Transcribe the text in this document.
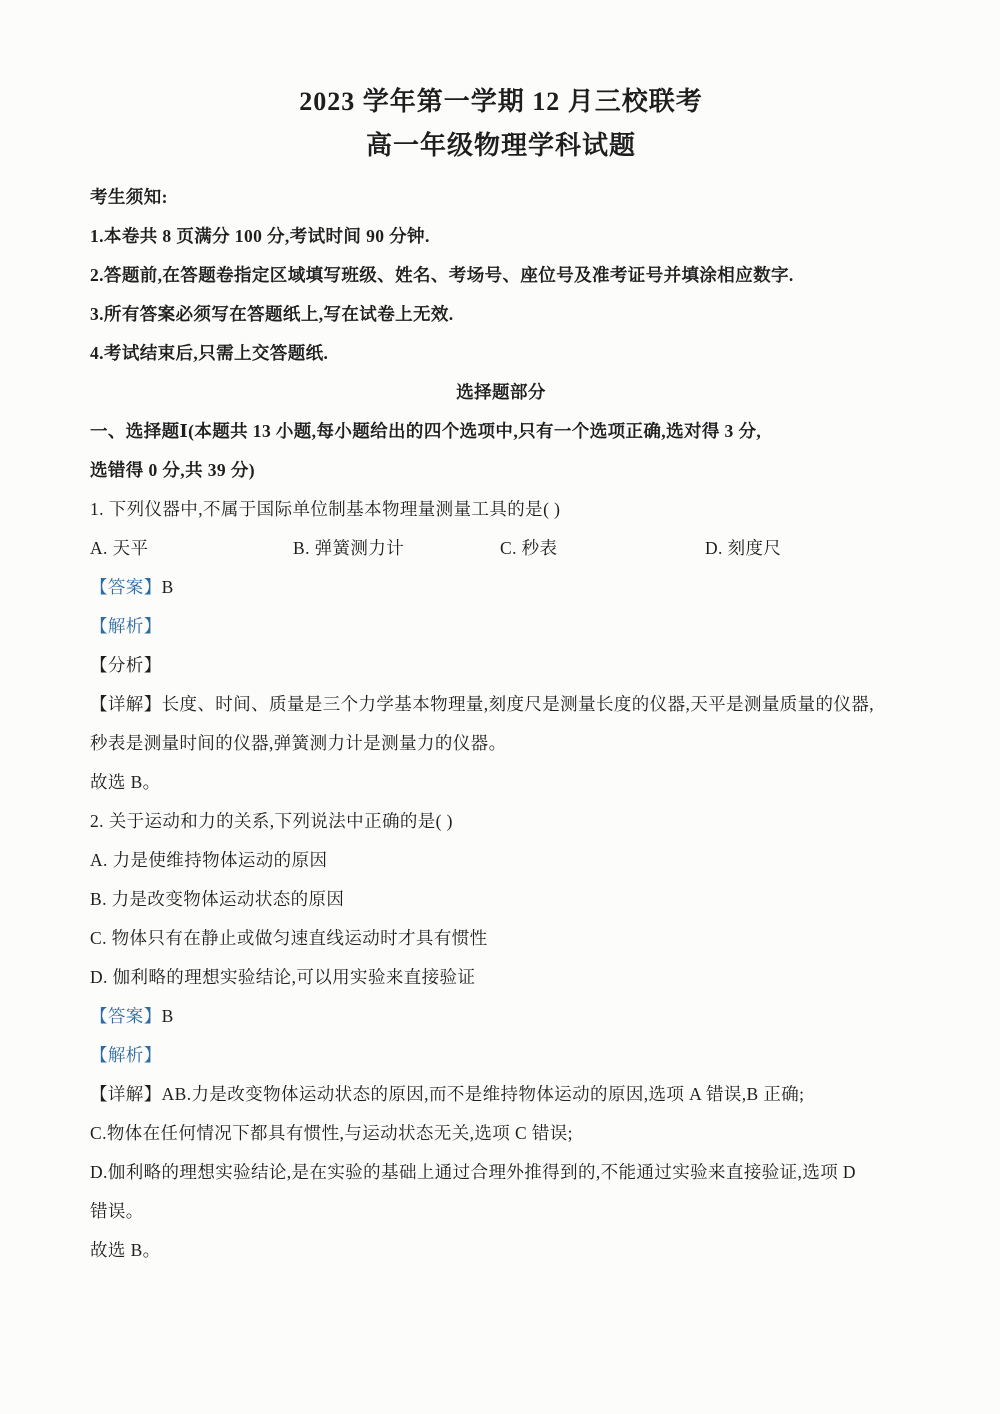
2023 学年第一学期 12 月三校联考
高一年级物理学科试题

考生须知:

1.本卷共 8 页满分 100 分,考试时间 90 分钟.

2.答题前,在答题卷指定区域填写班级、姓名、考场号、座位号及准考证号并填涂相应数字.

3.所有答案必须写在答题纸上,写在试卷上无效.

4.考试结束后,只需上交答题纸.

选择题部分

一、选择题Ⅰ(本题共 13 小题,每小题给出的四个选项中,只有一个选项正确,选对得 3 分,

选错得 0 分,共 39 分)

1. 下列仪器中,不属于国际单位制基本物理量测量工具的是( )

A. 天平	B. 弹簧测力计	C. 秒表	D. 刻度尺

【答案】B

【解析】

【分析】

【详解】长度、时间、质量是三个力学基本物理量,刻度尺是测量长度的仪器,天平是测量质量的仪器,

秒表是测量时间的仪器,弹簧测力计是测量力的仪器。

故选 B。

2. 关于运动和力的关系,下列说法中正确的是( )

A. 力是使维持物体运动的原因

B. 力是改变物体运动状态的原因

C. 物体只有在静止或做匀速直线运动时才具有惯性

D. 伽利略的理想实验结论,可以用实验来直接验证

【答案】B

【解析】

【详解】AB.力是改变物体运动状态的原因,而不是维持物体运动的原因,选项 A 错误,B 正确;

C.物体在任何情况下都具有惯性,与运动状态无关,选项 C 错误;

D.伽利略的理想实验结论,是在实验的基础上通过合理外推得到的,不能通过实验来直接验证,选项 D

错误。

故选 B。
